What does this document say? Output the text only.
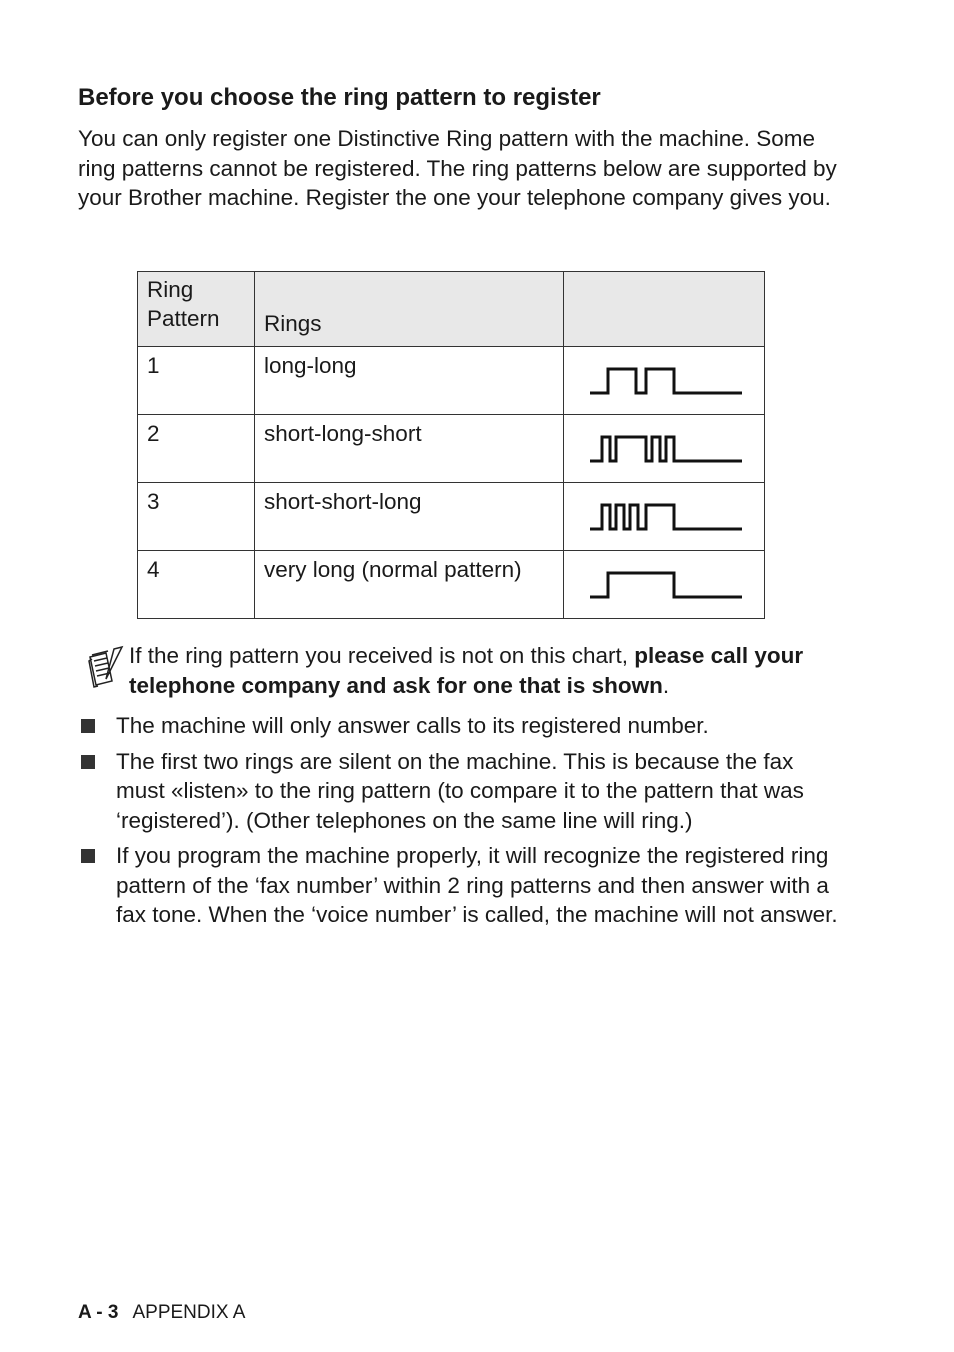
Before you choose the ring pattern to register

You can only register one Distinctive Ring pattern with the machine. Some ring patterns cannot be registered. The ring patterns below are supported by your Brother machine. Register the one your telephone company gives you.

Ring Pattern	Rings	

1	long-long

2	short-long-short

3	short-short-long

4	very long (normal pattern)

If the ring pattern you received is not on this chart, please call your telephone company and ask for one that is shown.

The machine will only answer calls to its registered number.
The first two rings are silent on the machine. This is because the fax must «listen» to the ring pattern (to compare it to the pattern that was ‘registered’). (Other telephones on the same line will ring.)
If you program the machine properly, it will recognize the registered ring pattern of the ‘fax number’ within 2 ring patterns and then answer with a fax tone. When the ‘voice number’ is called, the machine will not answer.
A - 3 APPENDIX A
